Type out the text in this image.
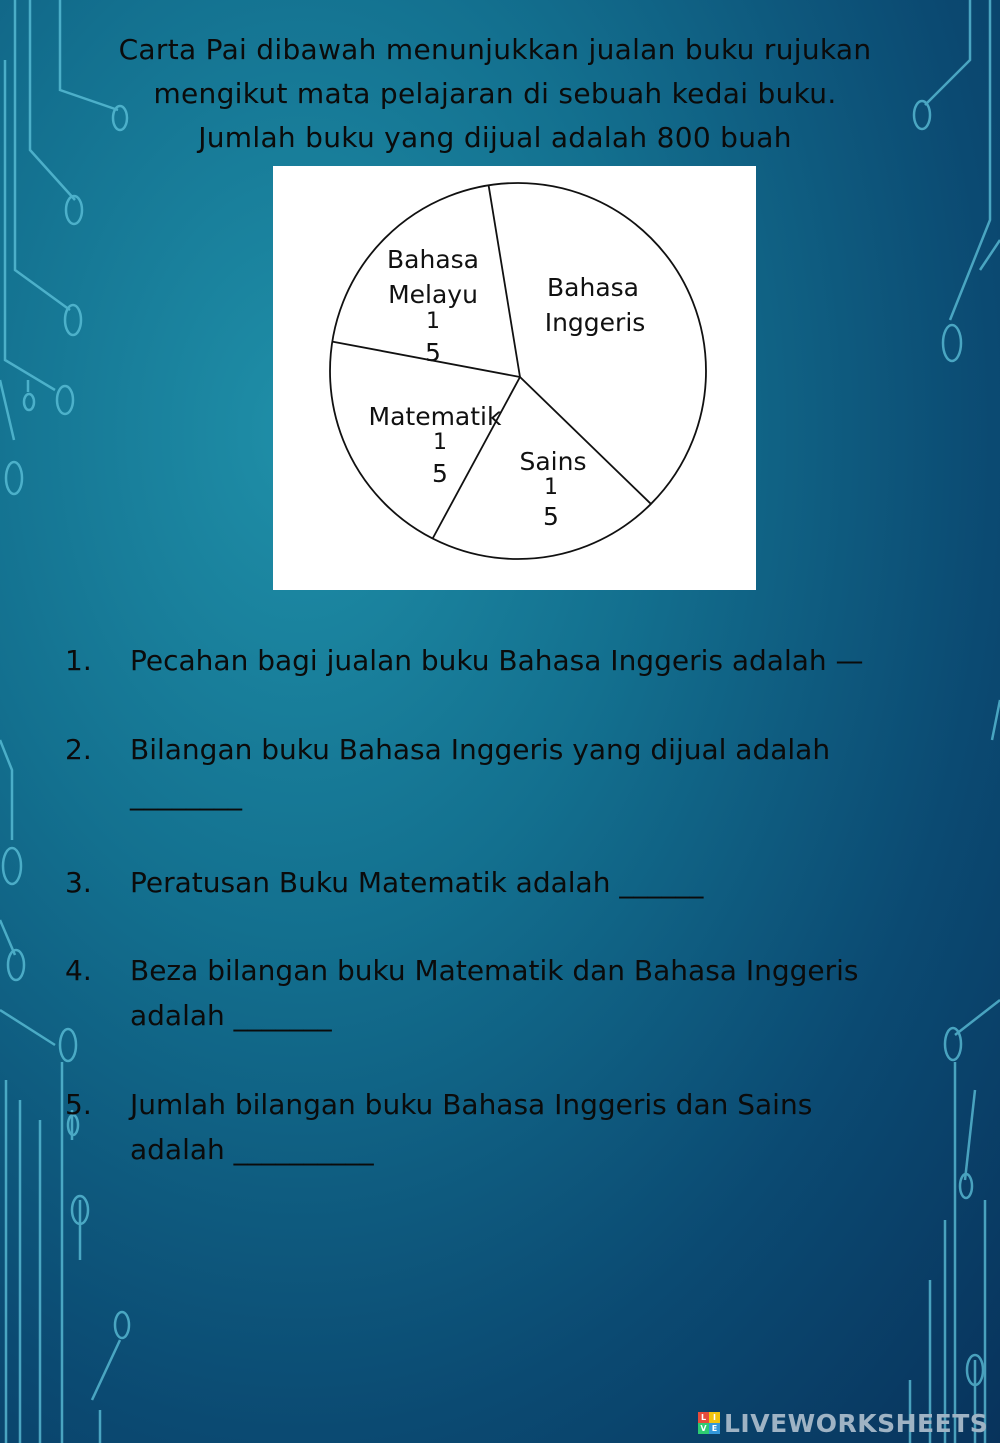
Carta Pai dibawah menunjukkan jualan buku rujukan
mengikut mata pelajaran di sebuah kedai buku.
Jumlah buku yang dijual adalah 800 buah
Bahasa
Inggeris
Bahasa
Melayu
1
5
Matematik
1
5	Sains
1
5
1.	Pecahan bagi jualan buku Bahasa Inggeris adalah —
2.	Bilangan buku Bahasa Inggeris yang dijual adalah
________
3.	Peratusan Buku Matematik adalah ______
4.	Beza bilangan buku Matematik dan Bahasa Inggeris
adalah _______
5.	Jumlah bilangan buku Bahasa Inggeris dan Sains
adalah __________
L I
V E LIVEWORKSHEETS
